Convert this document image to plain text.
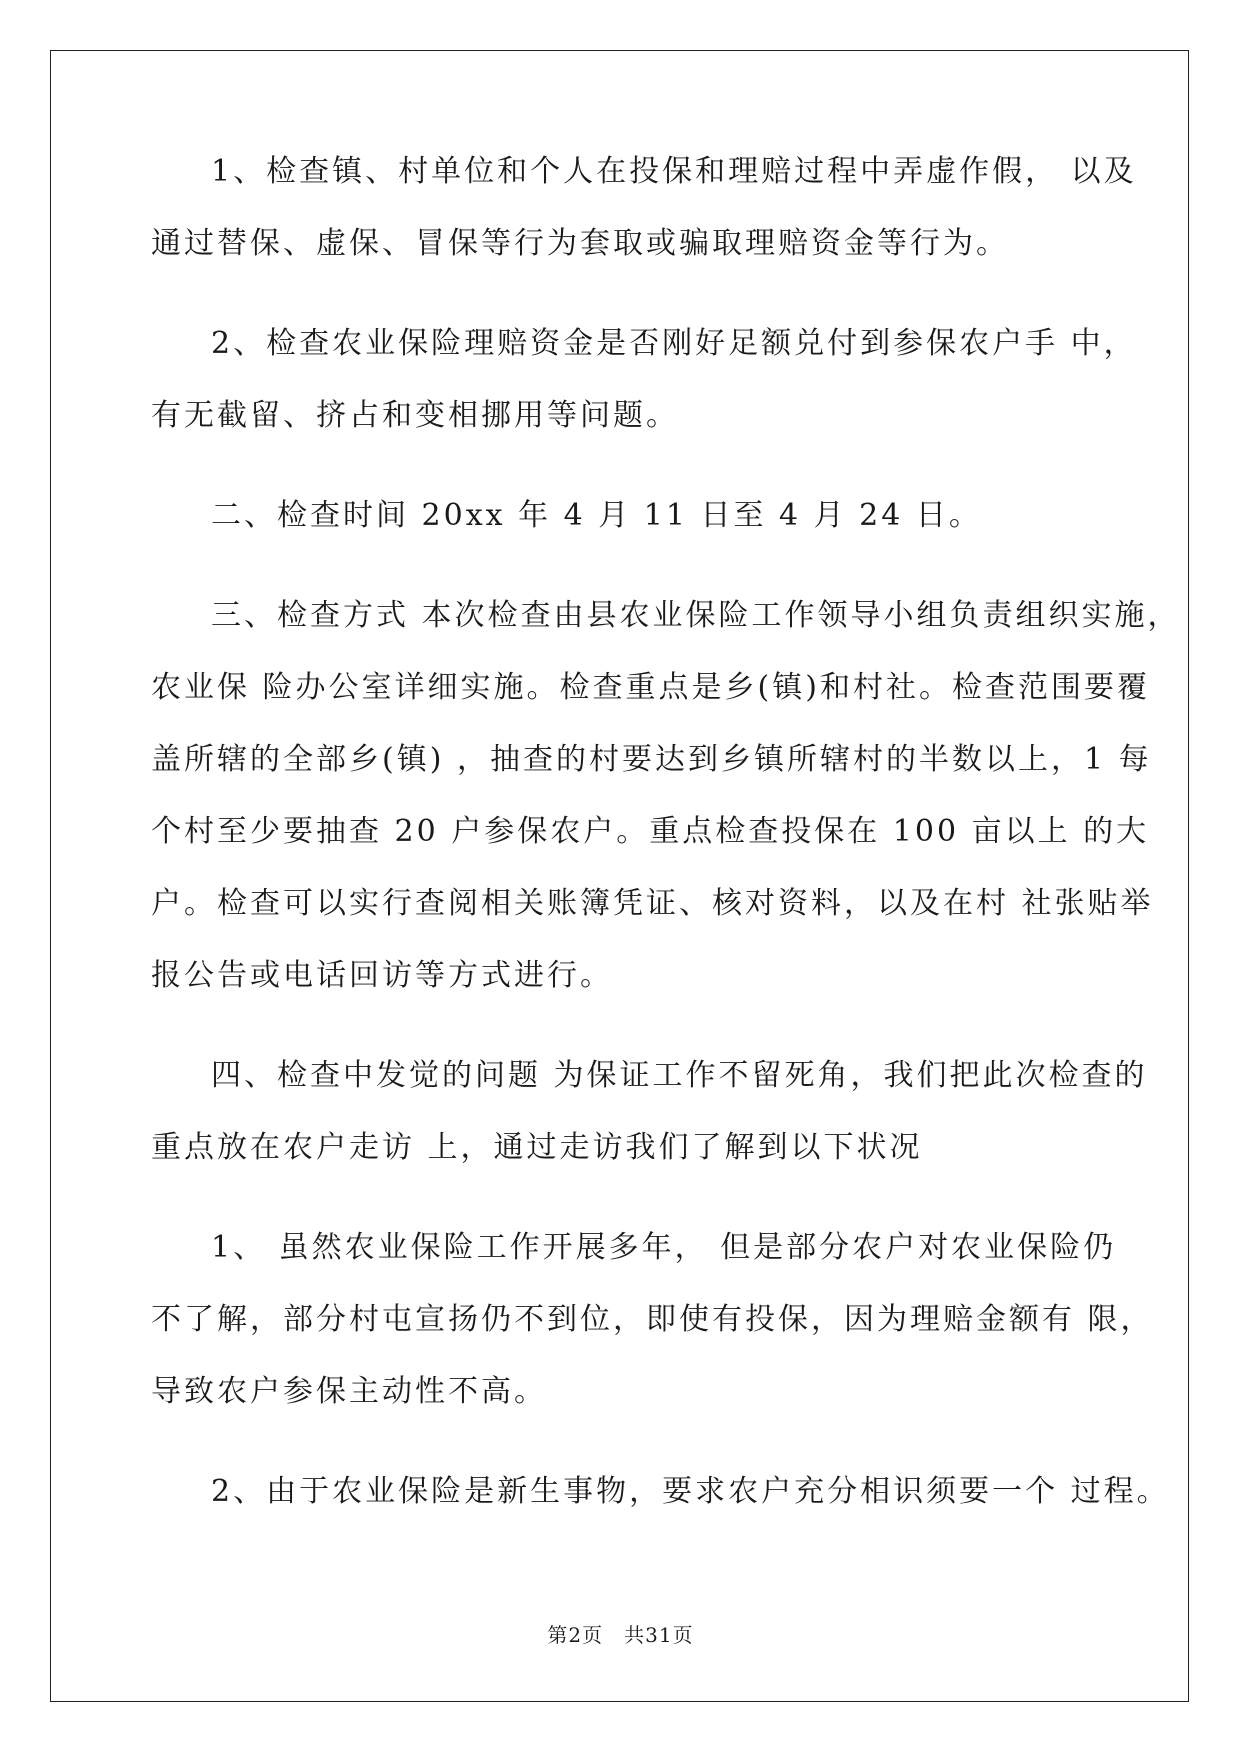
1、检查镇、村单位和个人在投保和理赔过程中弄虚作假， 以及
通过替保、虚保、冒保等行为套取或骗取理赔资金等行为。
2、检查农业保险理赔资金是否刚好足额兑付到参保农户手 中，
有无截留、挤占和变相挪用等问题。
二、检查时间 20xx 年 4 月 11 日至 4 月 24 日。
三、检查方式 本次检查由县农业保险工作领导小组负责组织实施，
农业保 险办公室详细实施。检查重点是乡(镇)和村社。检查范围要覆
盖所辖的全部乡(镇) ，抽查的村要达到乡镇所辖村的半数以上，1 每
个村至少要抽查 20 户参保农户。重点检查投保在 100 亩以上 的大
户。检查可以实行查阅相关账簿凭证、核对资料，以及在村 社张贴举
报公告或电话回访等方式进行。
四、检查中发觉的问题 为保证工作不留死角，我们把此次检查的
重点放在农户走访 上，通过走访我们了解到以下状况
1、 虽然农业保险工作开展多年， 但是部分农户对农业保险仍
不了解，部分村屯宣扬仍不到位，即使有投保，因为理赔金额有 限，
导致农户参保主动性不高。
2、由于农业保险是新生事物，要求农户充分相识须要一个 过程。
第2页　共31页
